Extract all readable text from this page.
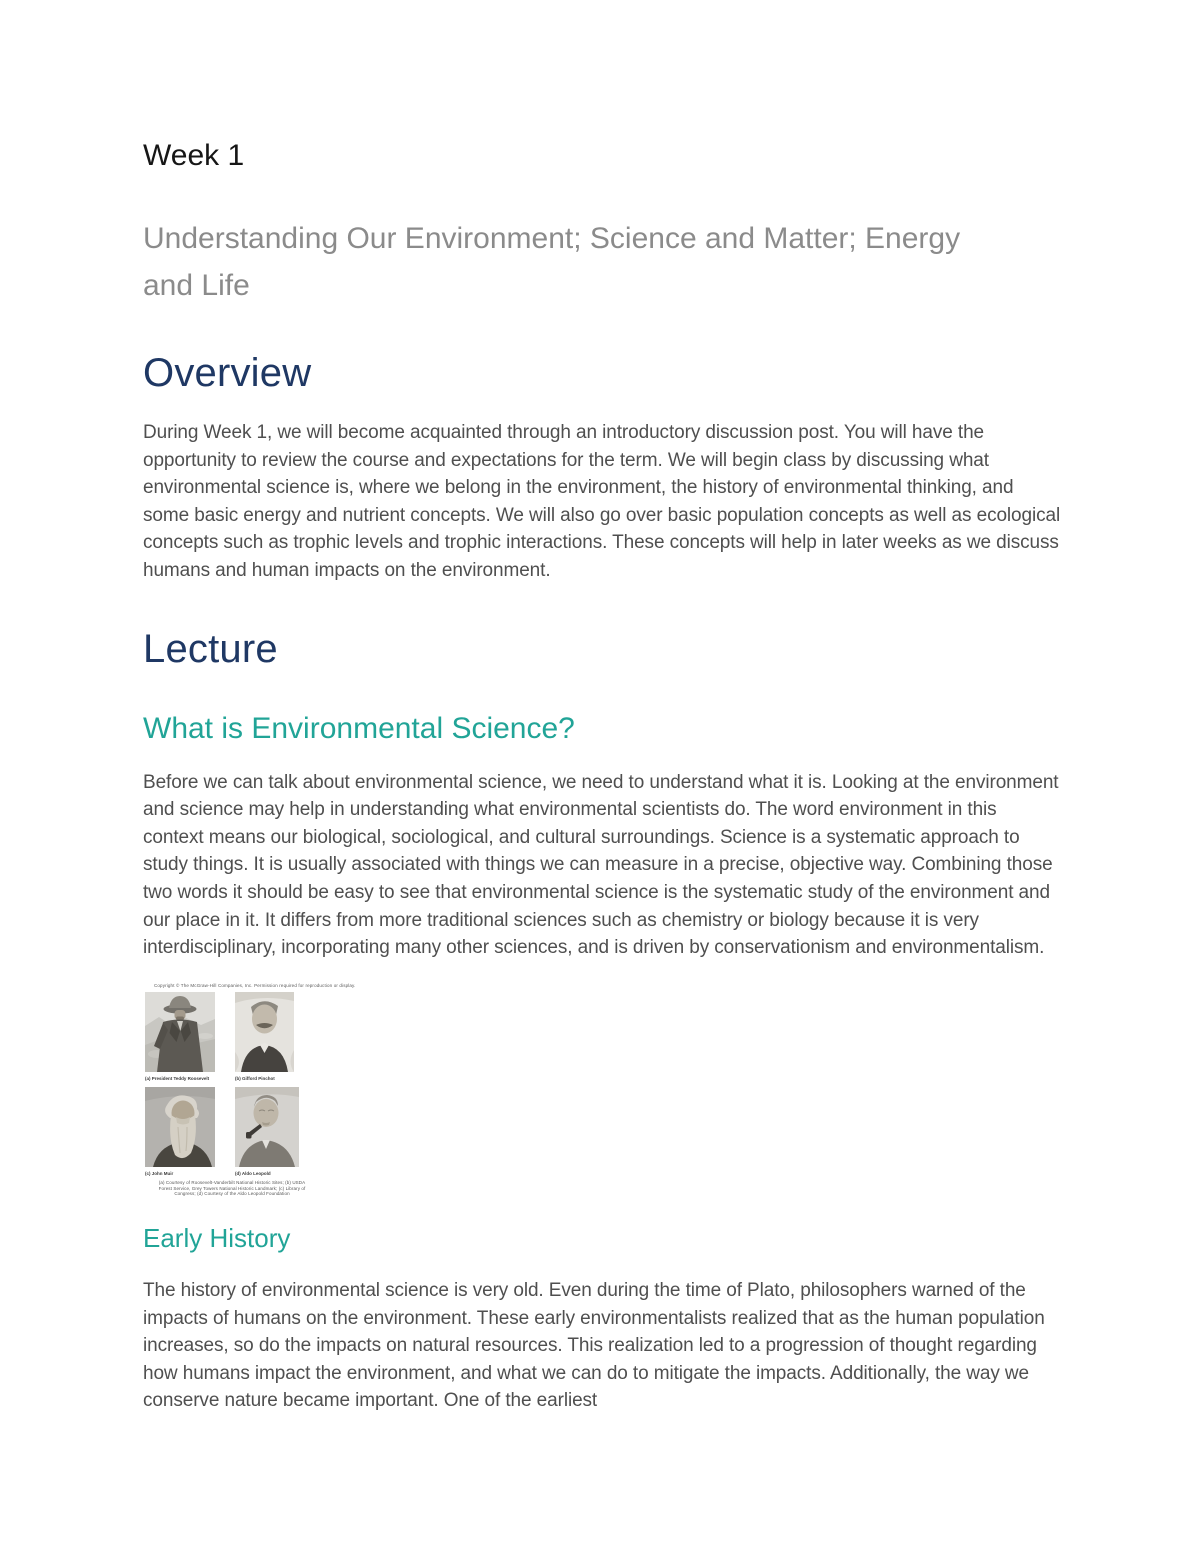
Week 1
Understanding Our Environment; Science and Matter; Energy and Life
Overview

During Week 1, we will become acquainted through an introductory discussion post. You will have the opportunity to review the course and expectations for the term. We will begin class by discussing what environmental science is, where we belong in the environment, the history of environmental thinking, and some basic energy and nutrient concepts. We will also go over basic population concepts as well as ecological concepts such as trophic levels and trophic interactions. These concepts will help in later weeks as we discuss humans and human impacts on the environment.

Lecture
What is Environmental Science?

Before we can talk about environmental science, we need to understand what it is. Looking at the environment and science may help in understanding what environmental scientists do. The word environment in this context means our biological, sociological, and cultural surroundings. Science is a systematic approach to study things. It is usually associated with things we can measure in a precise, objective way. Combining those two words it should be easy to see that environmental science is the systematic study of the environment and our place in it. It differs from more traditional sciences such as chemistry or biology because it is very interdisciplinary, incorporating many other sciences, and is driven by conservationism and environmentalism.

Copyright © The McGraw-Hill Companies, Inc. Permission required for reproduction or display.
(a) President Teddy Roosevelt	(b) Gifford Pinchot
(c) John Muir	(d) Aldo Leopold
(a) Courtesy of Roosevelt-Vanderbilt National Historic Sites; (b) USDA
Forest Service, Grey Towers National Historic Landmark; (c) Library of
Congress; (d) Courtesy of the Aldo Leopold Foundation
Early History

The history of environmental science is very old. Even during the time of Plato, philosophers warned of the impacts of humans on the environment. These early environmentalists realized that as the human population increases, so do the impacts on natural resources. This realization led to a progression of thought regarding how humans impact the environment, and what we can do to mitigate the impacts. Additionally, the way we conserve nature became important. One of the earliest
